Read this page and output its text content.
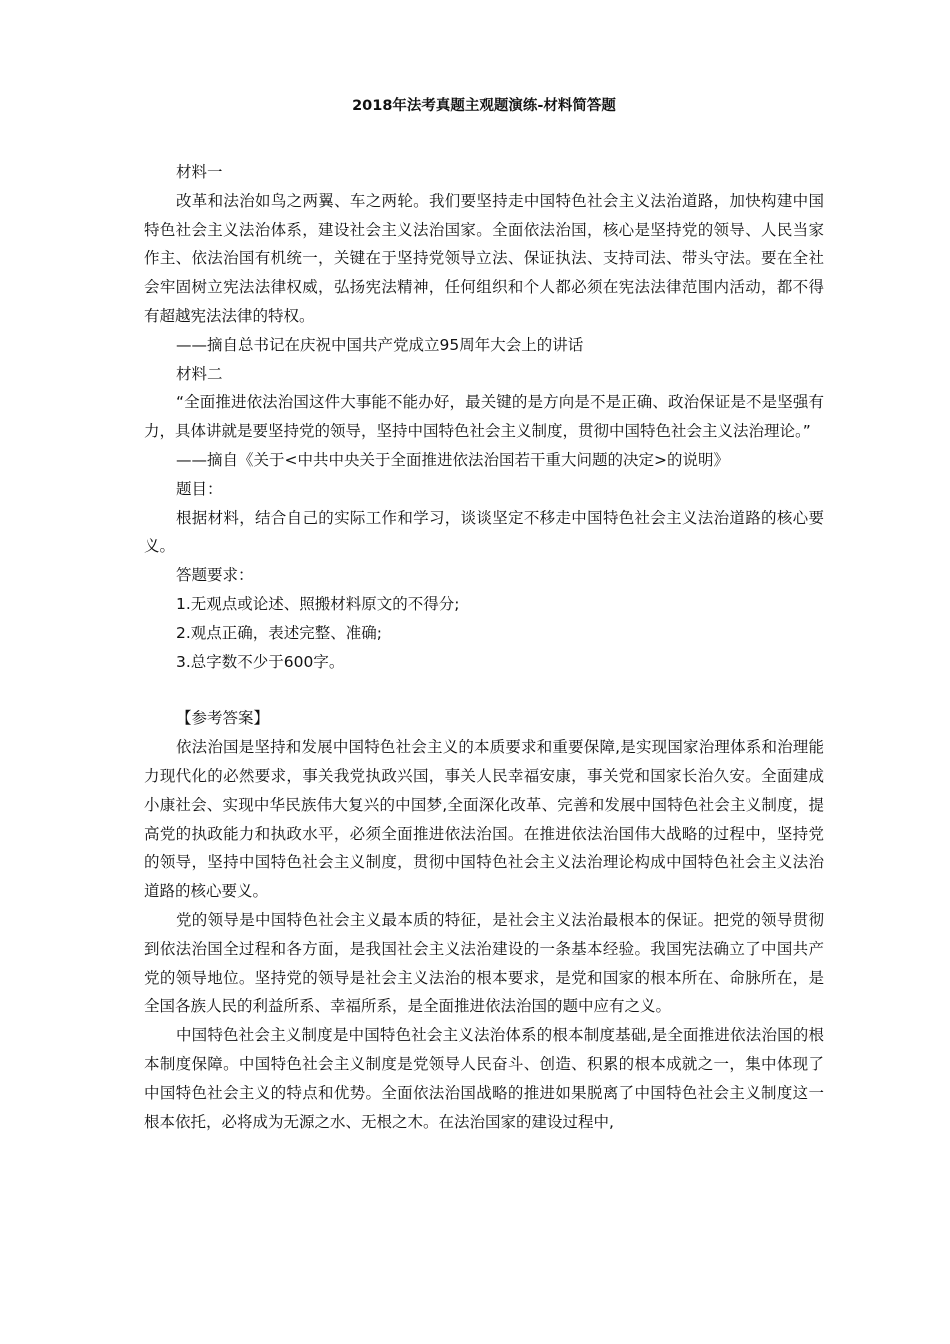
2018年法考真题主观题演练-材料简答题

材料一

改革和法治如鸟之两翼、车之两轮。我们要坚持走中国特色社会主义法治道路，加快构建中国特色社会主义法治体系，建设社会主义法治国家。全面依法治国，核心是坚持党的领导、人民当家作主、依法治国有机统一，关键在于坚持党领导立法、保证执法、支持司法、带头守法。要在全社会牢固树立宪法法律权威，弘扬宪法精神，任何组织和个人都必须在宪法法律范围内活动，都不得有超越宪法法律的特权。

——摘自总书记在庆祝中国共产党成立95周年大会上的讲话

材料二

“全面推进依法治国这件大事能不能办好，最关键的是方向是不是正确、政治保证是不是坚强有力，具体讲就是要坚持党的领导，坚持中国特色社会主义制度，贯彻中国特色社会主义法治理论。”

——摘自《关于<中共中央关于全面推进依法治国若干重大问题的决定>的说明》

题目：

根据材料，结合自己的实际工作和学习，谈谈坚定不移走中国特色社会主义法治道路的核心要义。

答题要求：

1.无观点或论述、照搬材料原文的不得分;

2.观点正确，表述完整、准确;

3.总字数不少于600字。

【参考答案】

依法治国是坚持和发展中国特色社会主义的本质要求和重要保障,是实现国家治理体系和治理能力现代化的必然要求，事关我党执政兴国，事关人民幸福安康，事关党和国家长治久安。全面建成小康社会、实现中华民族伟大复兴的中国梦,全面深化改革、完善和发展中国特色社会主义制度，提高党的执政能力和执政水平，必须全面推进依法治国。在推进依法治国伟大战略的过程中，坚持党的领导，坚持中国特色社会主义制度，贯彻中国特色社会主义法治理论构成中国特色社会主义法治道路的核心要义。

党的领导是中国特色社会主义最本质的特征，是社会主义法治最根本的保证。把党的领导贯彻到依法治国全过程和各方面，是我国社会主义法治建设的一条基本经验。我国宪法确立了中国共产党的领导地位。坚持党的领导是社会主义法治的根本要求，是党和国家的根本所在、命脉所在，是全国各族人民的利益所系、幸福所系，是全面推进依法治国的题中应有之义。

中国特色社会主义制度是中国特色社会主义法治体系的根本制度基础,是全面推进依法治国的根本制度保障。中国特色社会主义制度是党领导人民奋斗、创造、积累的根本成就之一，集中体现了中国特色社会主义的特点和优势。全面依法治国战略的推进如果脱离了中国特色社会主义制度这一根本依托，必将成为无源之水、无根之木。在法治国家的建设过程中,
